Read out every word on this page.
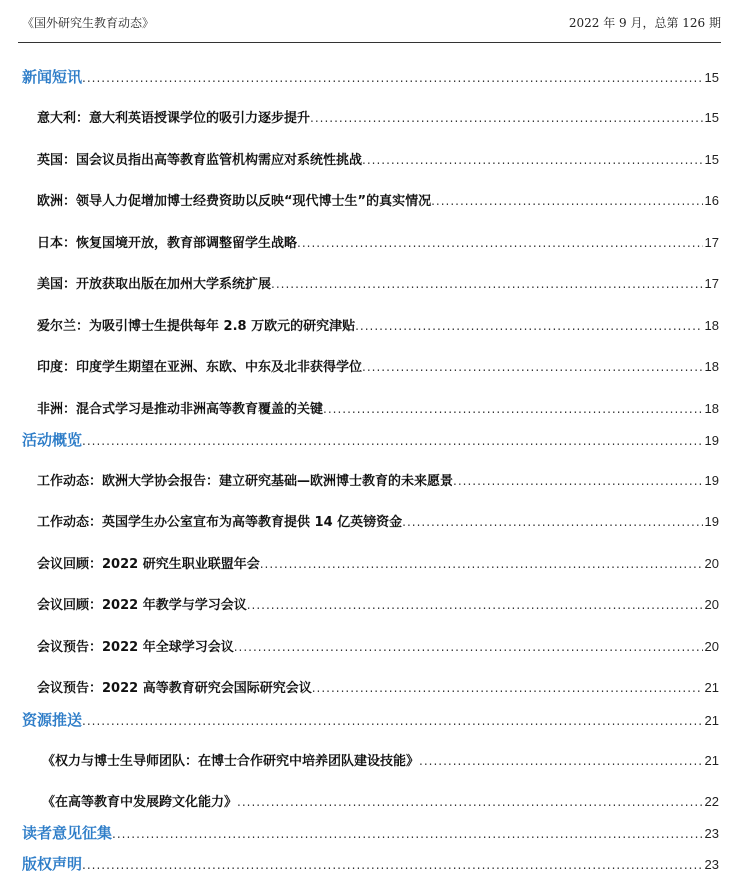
《国外研究生教育动态》	2022 年 9 月，总第 126 期
新闻短讯 .....	15
意大利：意大利英语授课学位的吸引力逐步提升 .....	15
英国：国会议员指出高等教育监管机构需应对系统性挑战 .....	15
欧洲：领导人力促增加博士经费资助以反映“现代博士生”的真实情况 .....	16
日本：恢复国境开放，教育部调整留学生战略 .....	17
美国：开放获取出版在加州大学系统扩展 .....	17
爱尔兰：为吸引博士生提供每年 2.8 万欧元的研究津贴 .....	18
印度：印度学生期望在亚洲、东欧、中东及北非获得学位 .....	18
非洲：混合式学习是推动非洲高等教育覆盖的关键 .....	18
活动概览 .....	19
工作动态：欧洲大学协会报告：建立研究基础—欧洲博士教育的未来愿景 .....	19
工作动态：英国学生办公室宣布为高等教育提供 14 亿英镑资金 .....	19
会议回顾：2022 研究生职业联盟年会 .....	20
会议回顾：2022 年教学与学习会议 .....	20
会议预告：2022 年全球学习会议 .....	20
会议预告：2022 高等教育研究会国际研究会议 .....	21
资源推送 .....	21
《权力与博士生导师团队：在博士合作研究中培养团队建设技能》 .....	21
《在高等教育中发展跨文化能力》 .....	22
读者意见征集 .....	23
版权声明 .....	23
